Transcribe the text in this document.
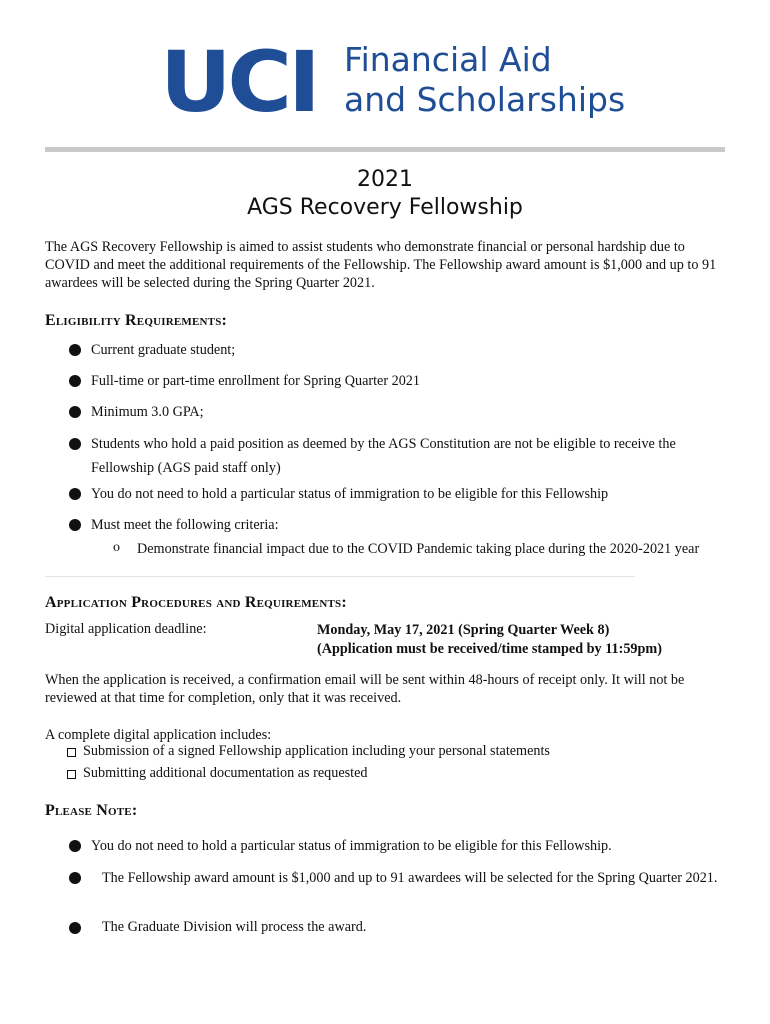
UCI Financial Aid
and Scholarships
2021
AGS Recovery Fellowship
The AGS Recovery Fellowship is aimed to assist students who demonstrate financial or personal hardship due to COVID and meet the additional requirements of the Fellowship. The Fellowship award amount is $1,000 and up to 91 awardees will be selected during the Spring Quarter 2021.
Eligibility Requirements:
Current graduate student;
Full-time or part-time enrollment for Spring Quarter 2021
Minimum 3.0 GPA;
Students who hold a paid position as deemed by the AGS Constitution are not be eligible to receive the Fellowship (AGS paid staff only)
You do not need to hold a particular status of immigration to be eligible for this Fellowship
Must meet the following criteria:
o Demonstrate financial impact due to the COVID Pandemic taking place during the 2020-2021 year
Application Procedures and Requirements:
Digital application deadline:	Monday, May 17, 2021 (Spring Quarter Week 8)
(Application must be received/time stamped by 11:59pm)
When the application is received, a confirmation email will be sent within 48-hours of receipt only. It will not be reviewed at that time for completion, only that it was received.
A complete digital application includes:
Submission of a signed Fellowship application including your personal statements
Submitting additional documentation as requested
Please Note:
You do not need to hold a particular status of immigration to be eligible for this Fellowship.
The Fellowship award amount is $1,000 and up to 91 awardees will be selected for the Spring Quarter 2021.
The Graduate Division will process the award.
